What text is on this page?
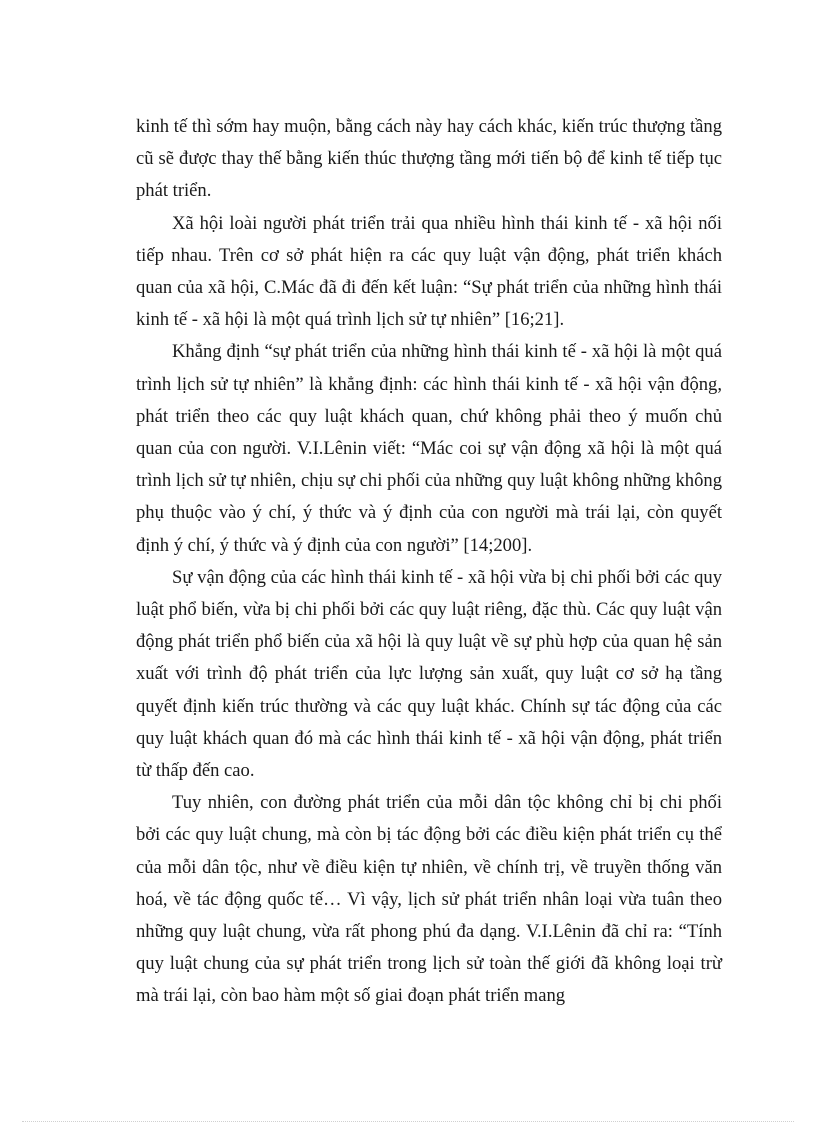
kinh tế thì sớm hay muộn, bằng cách này hay cách khác, kiến trúc thượng tầng cũ sẽ được thay thế bằng kiến thúc thượng tầng mới tiến bộ để kinh tế tiếp tục phát triển.

Xã hội loài người phát triển trải qua nhiều hình thái kinh tế - xã hội nối tiếp nhau. Trên cơ sở phát hiện ra các quy luật vận động, phát triển khách quan của xã hội, C.Mác đã đi đến kết luận: “Sự phát triển của những hình thái kinh tế - xã hội là một quá trình lịch sử tự nhiên” [16;21].

Khẳng định “sự phát triển của những hình thái kinh tế - xã hội là một quá trình lịch sử tự nhiên” là khẳng định: các hình thái kinh tế - xã hội vận động, phát triển theo các quy luật khách quan, chứ không phải theo ý muốn chủ quan của con người. V.I.Lênin viết: “Mác coi sự vận động xã hội là một quá trình lịch sử tự nhiên, chịu sự chi phối của những quy luật không những không phụ thuộc vào ý chí, ý thức và ý định của con người mà trái lại, còn quyết định ý chí, ý thức và ý định của con người” [14;200].

Sự vận động của các hình thái kinh tế - xã hội vừa bị chi phối bởi các quy luật phổ biến, vừa bị chi phối bởi các quy luật riêng, đặc thù. Các quy luật vận động phát triển phổ biến của xã hội là quy luật về sự phù hợp của quan hệ sản xuất với trình độ phát triển của lực lượng sản xuất, quy luật cơ sở hạ tầng quyết định kiến trúc thường và các quy luật khác. Chính sự tác động của các quy luật khách quan đó mà các hình thái kinh tế - xã hội vận động, phát triển từ thấp đến cao.

Tuy nhiên, con đường phát triển của mỗi dân tộc không chỉ bị chi phối bởi các quy luật chung, mà còn bị tác động bởi các điều kiện phát triển cụ thể của mỗi dân tộc, như về điều kiện tự nhiên, về chính trị, về truyền thống văn hoá, về tác động quốc tế… Vì vậy, lịch sử phát triển nhân loại vừa tuân theo những quy luật chung, vừa rất phong phú đa dạng. V.I.Lênin đã chỉ ra: “Tính quy luật chung của sự phát triển trong lịch sử toàn thế giới đã không loại trừ mà trái lại, còn bao hàm một số giai đoạn phát triển mang
